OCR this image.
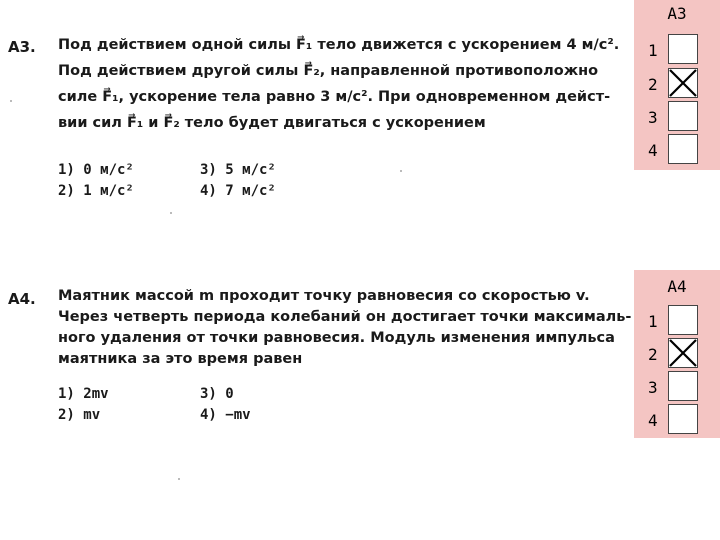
А3. Под действием одной силы F⃗₁ тело движется с ускорением 4 м/с².
Под действием другой силы F⃗₂, направленной противоположно
силе F⃗₁, ускорение тела равно 3 м/с². При одновременном дейст-
вии сил F⃗₁ и F⃗₂ тело будет двигаться с ускорением
1) 0 м/с²
2) 1 м/с²
3) 5 м/с²
4) 7 м/с²
А4. Маятник массой m проходит точку равновесия со скоростью v.
Через четверть периода колебаний он достигает точки максималь-
ного удаления от точки равновесия. Модуль изменения импульса
маятника за это время равен
1) 2mv
2) mv
3) 0
4) −mv
А3
1
2
3
4
А4
1
2
3
4
